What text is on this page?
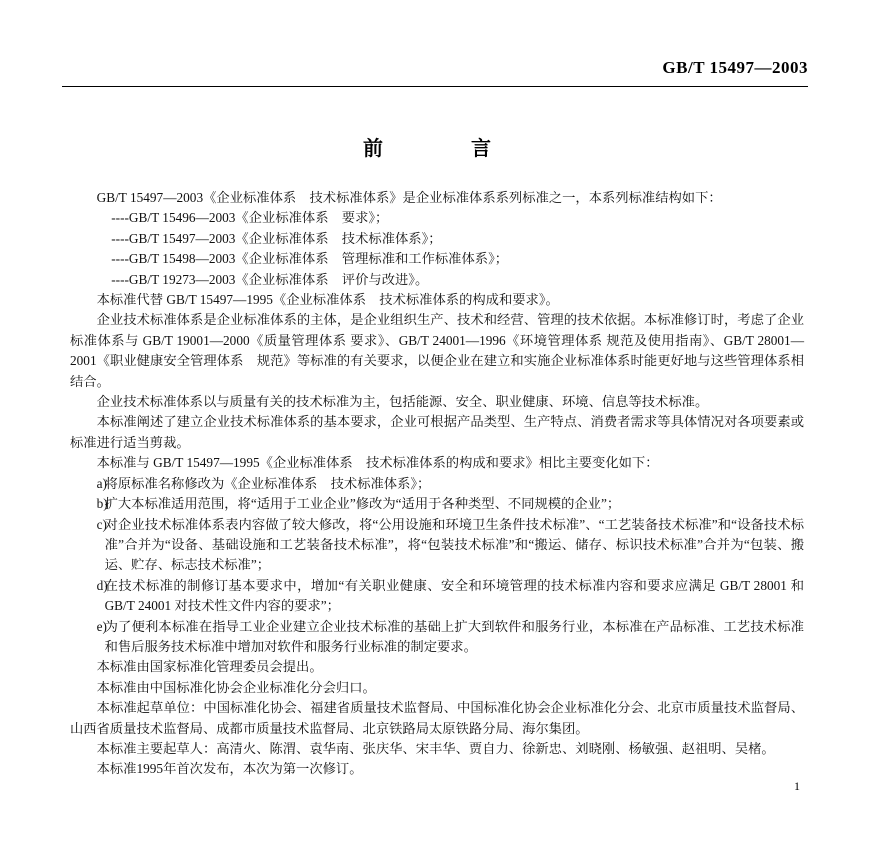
GB/T 15497—2003
前　　言

GB/T 15497—2003《企业标准体系　技术标准体系》是企业标准体系系列标准之一，本系列标准结构如下：

----GB/T 15496—2003《企业标准体系　要求》；

----GB/T 15497—2003《企业标准体系　技术标准体系》；

----GB/T 15498—2003《企业标准体系　管理标准和工作标准体系》；

----GB/T 19273—2003《企业标准体系　评价与改进》。

本标准代替 GB/T 15497—1995《企业标准体系　技术标准体系的构成和要求》。

企业技术标准体系是企业标准体系的主体，是企业组织生产、技术和经营、管理的技术依据。本标准修订时，考虑了企业标准体系与 GB/T 19001—2000《质量管理体系 要求》、GB/T 24001—1996《环境管理体系 规范及使用指南》、GB/T 28001—2001《职业健康安全管理体系　规范》等标准的有关要求，以便企业在建立和实施企业标准体系时能更好地与这些管理体系相结合。

企业技术标准体系以与质量有关的技术标准为主，包括能源、安全、职业健康、环境、信息等技术标准。

本标准阐述了建立企业技术标准体系的基本要求，企业可根据产品类型、生产特点、消费者需求等具体情况对各项要素或标准进行适当剪裁。

本标准与 GB/T 15497—1995《企业标准体系　技术标准体系的构成和要求》相比主要变化如下：

a)
将原标准名称修改为《企业标准体系　技术标准体系》；
b)
扩大本标准适用范围，将“适用于工业企业”修改为“适用于各种类型、不同规模的企业”；
c)
对企业技术标准体系表内容做了较大修改，将“公用设施和环境卫生条件技术标准”、“工艺装备技术标准”和“设备技术标准”合并为“设备、基础设施和工艺装备技术标准”，将“包装技术标准”和“搬运、储存、标识技术标准”合并为“包装、搬运、贮存、标志技术标准”；
d)
在技术标准的制修订基本要求中，增加“有关职业健康、安全和环境管理的技术标准内容和要求应满足 GB/T 28001 和 GB/T 24001 对技术性文件内容的要求”；
e)
为了便利本标准在指导工业企业建立企业技术标准的基础上扩大到软件和服务行业，本标准在产品标准、工艺技术标准和售后服务技术标准中增加对软件和服务行业标准的制定要求。

本标准由国家标准化管理委员会提出。

本标准由中国标准化协会企业标准化分会归口。

本标准起草单位：中国标准化协会、福建省质量技术监督局、中国标准化协会企业标准化分会、北京市质量技术监督局、山西省质量技术监督局、成都市质量技术监督局、北京铁路局太原铁路分局、海尔集团。

本标准主要起草人：高清火、陈渭、袁华南、张庆华、宋丰华、贾自力、徐新忠、刘晓刚、杨敏强、赵祖明、吴楮。

本标准1995年首次发布，本次为第一次修订。

1
